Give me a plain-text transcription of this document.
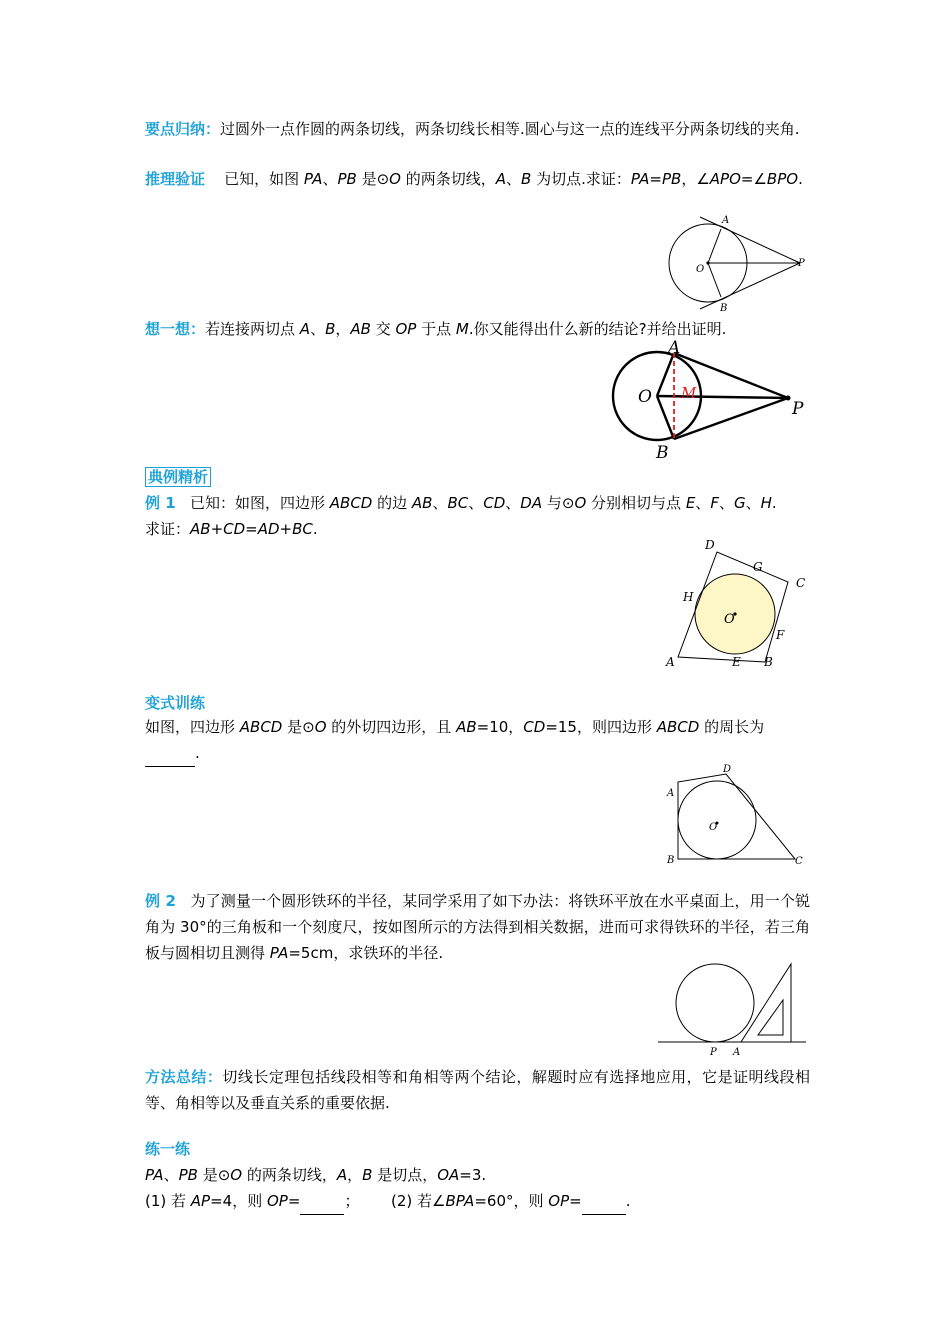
要点归纳：过圆外一点作圆的两条切线，两条切线长相等.圆心与这一点的连线平分两条切线的夹角.
推理验证 已知，如图 PA、PB 是⊙O 的两条切线，A、B 为切点.求证：PA=PB，∠APO=∠BPO.
A
B
O
P
想一想：若连接两切点 A、B，AB 交 OP 于点 M.你又能得出什么新的结论?并给出证明.
A
B
O M
P
典例精析
例 1 已知：如图，四边形 ABCD 的边 AB、BC、CD、DA 与⊙O 分别相切与点 E、F、G、H.
求证：AB+CD=AD+BC.
D
G
C
H
O
F
A	E B
变式训练
如图，四边形 ABCD 是⊙O 的外切四边形，且 AB=10，CD=15，则四边形 ABCD 的周长为
.
A
B	C
D
O
例 2 为了测量一个圆形铁环的半径，某同学采用了如下办法：将铁环平放在水平桌面上，用一个锐角为 30°的三角板和一个刻度尺，按如图所示的方法得到相关数据，进而可求得铁环的半径，若三角板与圆相切且测得 PA=5cm，求铁环的半径.
P A
方法总结：切线长定理包括线段相等和角相等两个结论，解题时应有选择地应用，它是证明线段相等、角相等以及垂直关系的重要依据.
练一练
PA、PB 是⊙O 的两条切线，A，B 是切点，OA=3.
(1) 若 AP=4，则 OP=	； (2) 若∠BPA=60°，则 OP=	.
